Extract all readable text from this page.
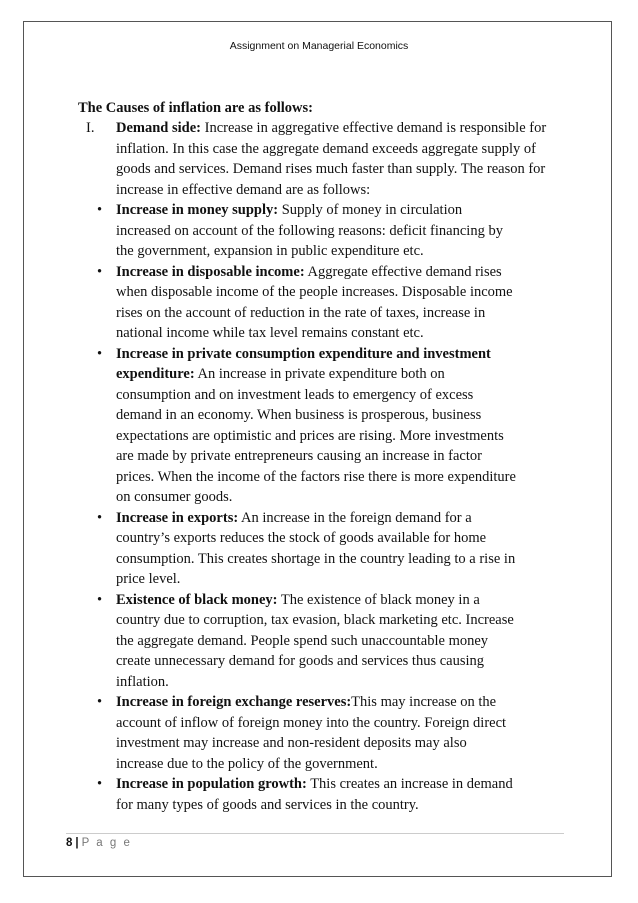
Assignment on Managerial Economics

The Causes of inflation are as follows:

I. Demand side: Increase in aggregative effective demand is responsible for inflation. In this case the aggregate demand exceeds aggregate supply of goods and services. Demand rises much faster than supply. The reason for increase in effective demand are as follows:
• Increase in money supply: Supply of money in circulation increased on account of the following reasons: deficit financing by the government, expansion in public expenditure etc.
• Increase in disposable income: Aggregate effective demand rises when disposable income of the people increases. Disposable income rises on the account of reduction in the rate of taxes, increase in national income while tax level remains constant etc.
• Increase in private consumption expenditure and investment expenditure: An increase in private expenditure both on consumption and on investment leads to emergency of excess demand in an economy. When business is prosperous, business expectations are optimistic and prices are rising. More investments are made by private entrepreneurs causing an increase in factor prices. When the income of the factors rise there is more expenditure on consumer goods.
• Increase in exports: An increase in the foreign demand for a country’s exports reduces the stock of goods available for home consumption. This creates shortage in the country leading to a rise in price level.
• Existence of black money: The existence of black money in a country due to corruption, tax evasion, black marketing etc. Increase the aggregate demand. People spend such unaccountable money create unnecessary demand for goods and services thus causing inflation.
• Increase in foreign exchange reserves:This may increase on the account of inflow of foreign money into the country. Foreign direct investment may increase and non-resident deposits may also increase due to the policy of the government.
• Increase in population growth: This creates an increase in demand for many types of goods and services in the country.
8 | P a g e
